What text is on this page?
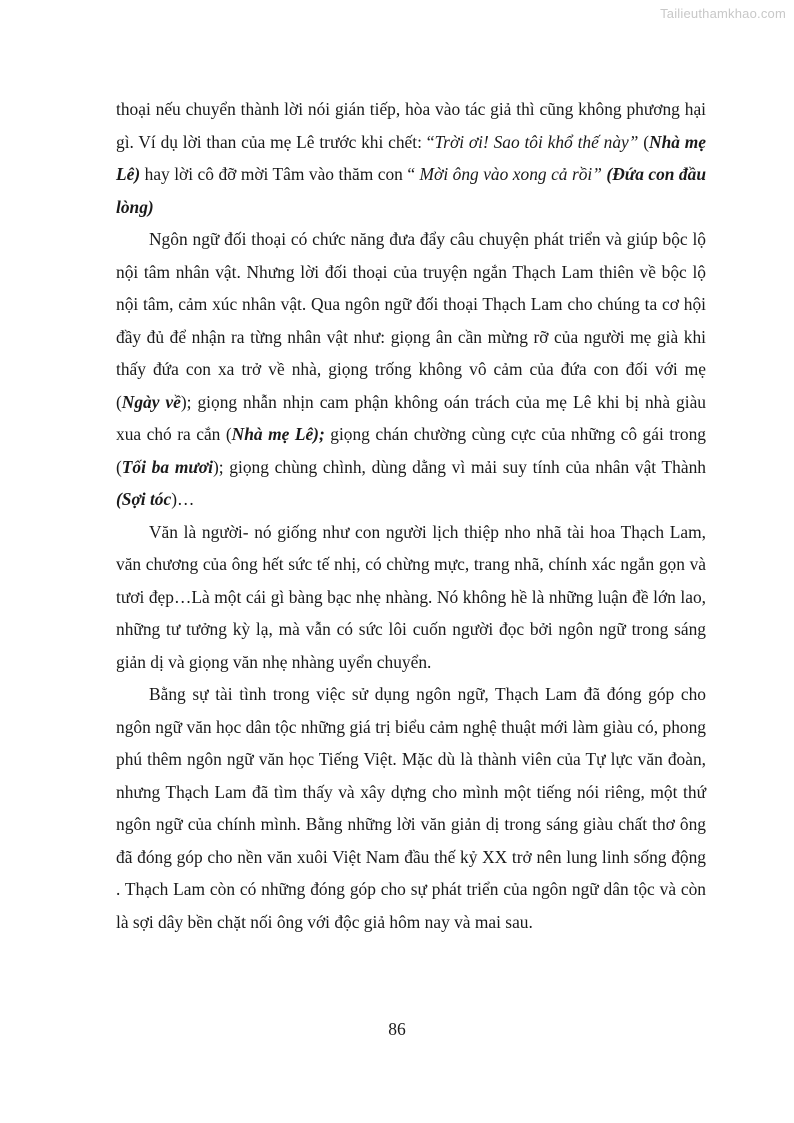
Tailieuthamkhao.com

thoại nếu chuyển thành lời nói gián tiếp, hòa vào tác giả thì cũng không phương hại gì. Ví dụ lời than của mẹ Lê trước khi chết: “Trời ơi! Sao tôi khổ thế này” (Nhà mẹ Lê) hay lời cô đỡ mời Tâm vào thăm con “ Mời ông vào xong cả rồi” (Đứa con đầu lòng)

Ngôn ngữ đối thoại có chức năng đưa đẩy câu chuyện phát triển và giúp bộc lộ nội tâm nhân vật. Nhưng lời đối thoại của truyện ngắn Thạch Lam thiên về bộc lộ nội tâm, cảm xúc nhân vật. Qua ngôn ngữ đối thoại Thạch Lam cho chúng ta cơ hội đầy đủ để nhận ra từng nhân vật như: giọng ân cần mừng rỡ của người mẹ già khi thấy đứa con xa trở về nhà, giọng trống không vô cảm của đứa con đối với mẹ (Ngày về); giọng nhẫn nhịn cam phận không oán trách của mẹ Lê khi bị nhà giàu xua chó ra cắn (Nhà mẹ Lê); giọng chán chường cùng cực của những cô gái trong (Tối ba mươi); giọng chùng chình, dùng dằng vì mải suy tính của nhân vật Thành (Sợi tóc)…

Văn là người- nó giống như con người lịch thiệp nho nhã tài hoa Thạch Lam, văn chương của ông hết sức tế nhị, có chừng mực, trang nhã, chính xác ngắn gọn và tươi đẹp…Là một cái gì bàng bạc nhẹ nhàng. Nó không hề là những luận đề lớn lao, những tư tưởng kỳ lạ, mà vẫn có sức lôi cuốn người đọc bởi ngôn ngữ trong sáng giản dị và giọng văn nhẹ nhàng uyển chuyển.

Bằng sự tài tình trong việc sử dụng ngôn ngữ, Thạch Lam đã đóng góp cho ngôn ngữ văn học dân tộc những giá trị biểu cảm nghệ thuật mới làm giàu có, phong phú thêm ngôn ngữ văn học Tiếng Việt. Mặc dù là thành viên của Tự lực văn đoàn, nhưng Thạch Lam đã tìm thấy và xây dựng cho mình một tiếng nói riêng, một thứ ngôn ngữ của chính mình. Bằng những lời văn giản dị trong sáng giàu chất thơ ông đã đóng góp cho nền văn xuôi Việt Nam đầu thế kỷ XX trở nên lung linh sống động . Thạch Lam còn có những đóng góp cho sự phát triển của ngôn ngữ dân tộc và còn là sợi dây bền chặt nối ông với độc giả hôm nay và mai sau.

86
